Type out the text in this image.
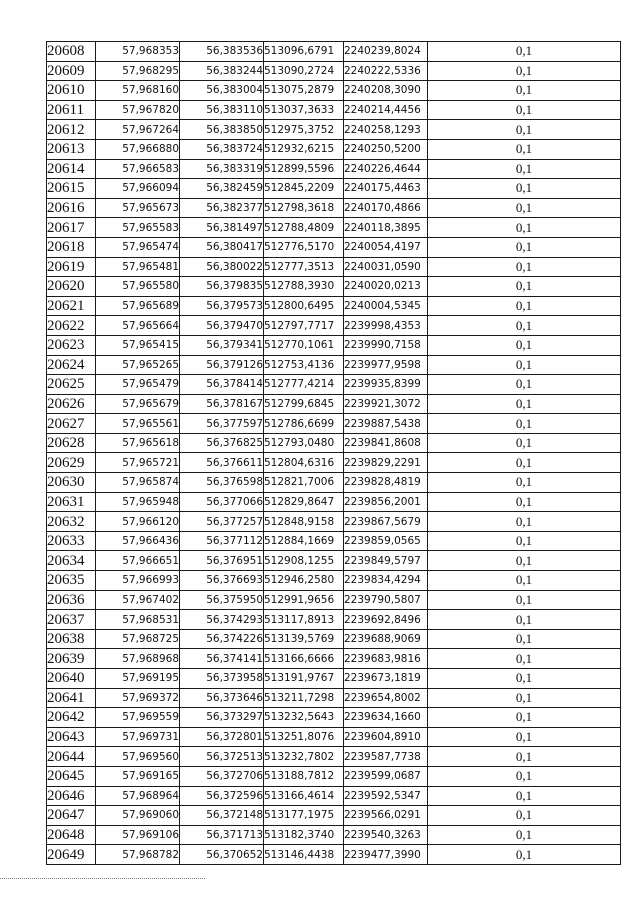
20608	57,968353	56,383536	513096,6791	2240239,8024	0,1
20609	57,968295	56,383244	513090,2724	2240222,5336	0,1
20610	57,968160	56,383004	513075,2879	2240208,3090	0,1
20611	57,967820	56,383110	513037,3633	2240214,4456	0,1
20612	57,967264	56,383850	512975,3752	2240258,1293	0,1
20613	57,966880	56,383724	512932,6215	2240250,5200	0,1
20614	57,966583	56,383319	512899,5596	2240226,4644	0,1
20615	57,966094	56,382459	512845,2209	2240175,4463	0,1
20616	57,965673	56,382377	512798,3618	2240170,4866	0,1
20617	57,965583	56,381497	512788,4809	2240118,3895	0,1
20618	57,965474	56,380417	512776,5170	2240054,4197	0,1
20619	57,965481	56,380022	512777,3513	2240031,0590	0,1
20620	57,965580	56,379835	512788,3930	2240020,0213	0,1
20621	57,965689	56,379573	512800,6495	2240004,5345	0,1
20622	57,965664	56,379470	512797,7717	2239998,4353	0,1
20623	57,965415	56,379341	512770,1061	2239990,7158	0,1
20624	57,965265	56,379126	512753,4136	2239977,9598	0,1
20625	57,965479	56,378414	512777,4214	2239935,8399	0,1
20626	57,965679	56,378167	512799,6845	2239921,3072	0,1
20627	57,965561	56,377597	512786,6699	2239887,5438	0,1
20628	57,965618	56,376825	512793,0480	2239841,8608	0,1
20629	57,965721	56,376611	512804,6316	2239829,2291	0,1
20630	57,965874	56,376598	512821,7006	2239828,4819	0,1
20631	57,965948	56,377066	512829,8647	2239856,2001	0,1
20632	57,966120	56,377257	512848,9158	2239867,5679	0,1
20633	57,966436	56,377112	512884,1669	2239859,0565	0,1
20634	57,966651	56,376951	512908,1255	2239849,5797	0,1
20635	57,966993	56,376693	512946,2580	2239834,4294	0,1
20636	57,967402	56,375950	512991,9656	2239790,5807	0,1
20637	57,968531	56,374293	513117,8913	2239692,8496	0,1
20638	57,968725	56,374226	513139,5769	2239688,9069	0,1
20639	57,968968	56,374141	513166,6666	2239683,9816	0,1
20640	57,969195	56,373958	513191,9767	2239673,1819	0,1
20641	57,969372	56,373646	513211,7298	2239654,8002	0,1
20642	57,969559	56,373297	513232,5643	2239634,1660	0,1
20643	57,969731	56,372801	513251,8076	2239604,8910	0,1
20644	57,969560	56,372513	513232,7802	2239587,7738	0,1
20645	57,969165	56,372706	513188,7812	2239599,0687	0,1
20646	57,968964	56,372596	513166,4614	2239592,5347	0,1
20647	57,969060	56,372148	513177,1975	2239566,0291	0,1
20648	57,969106	56,371713	513182,3740	2239540,3263	0,1
20649	57,968782	56,370652	513146,4438	2239477,3990	0,1
